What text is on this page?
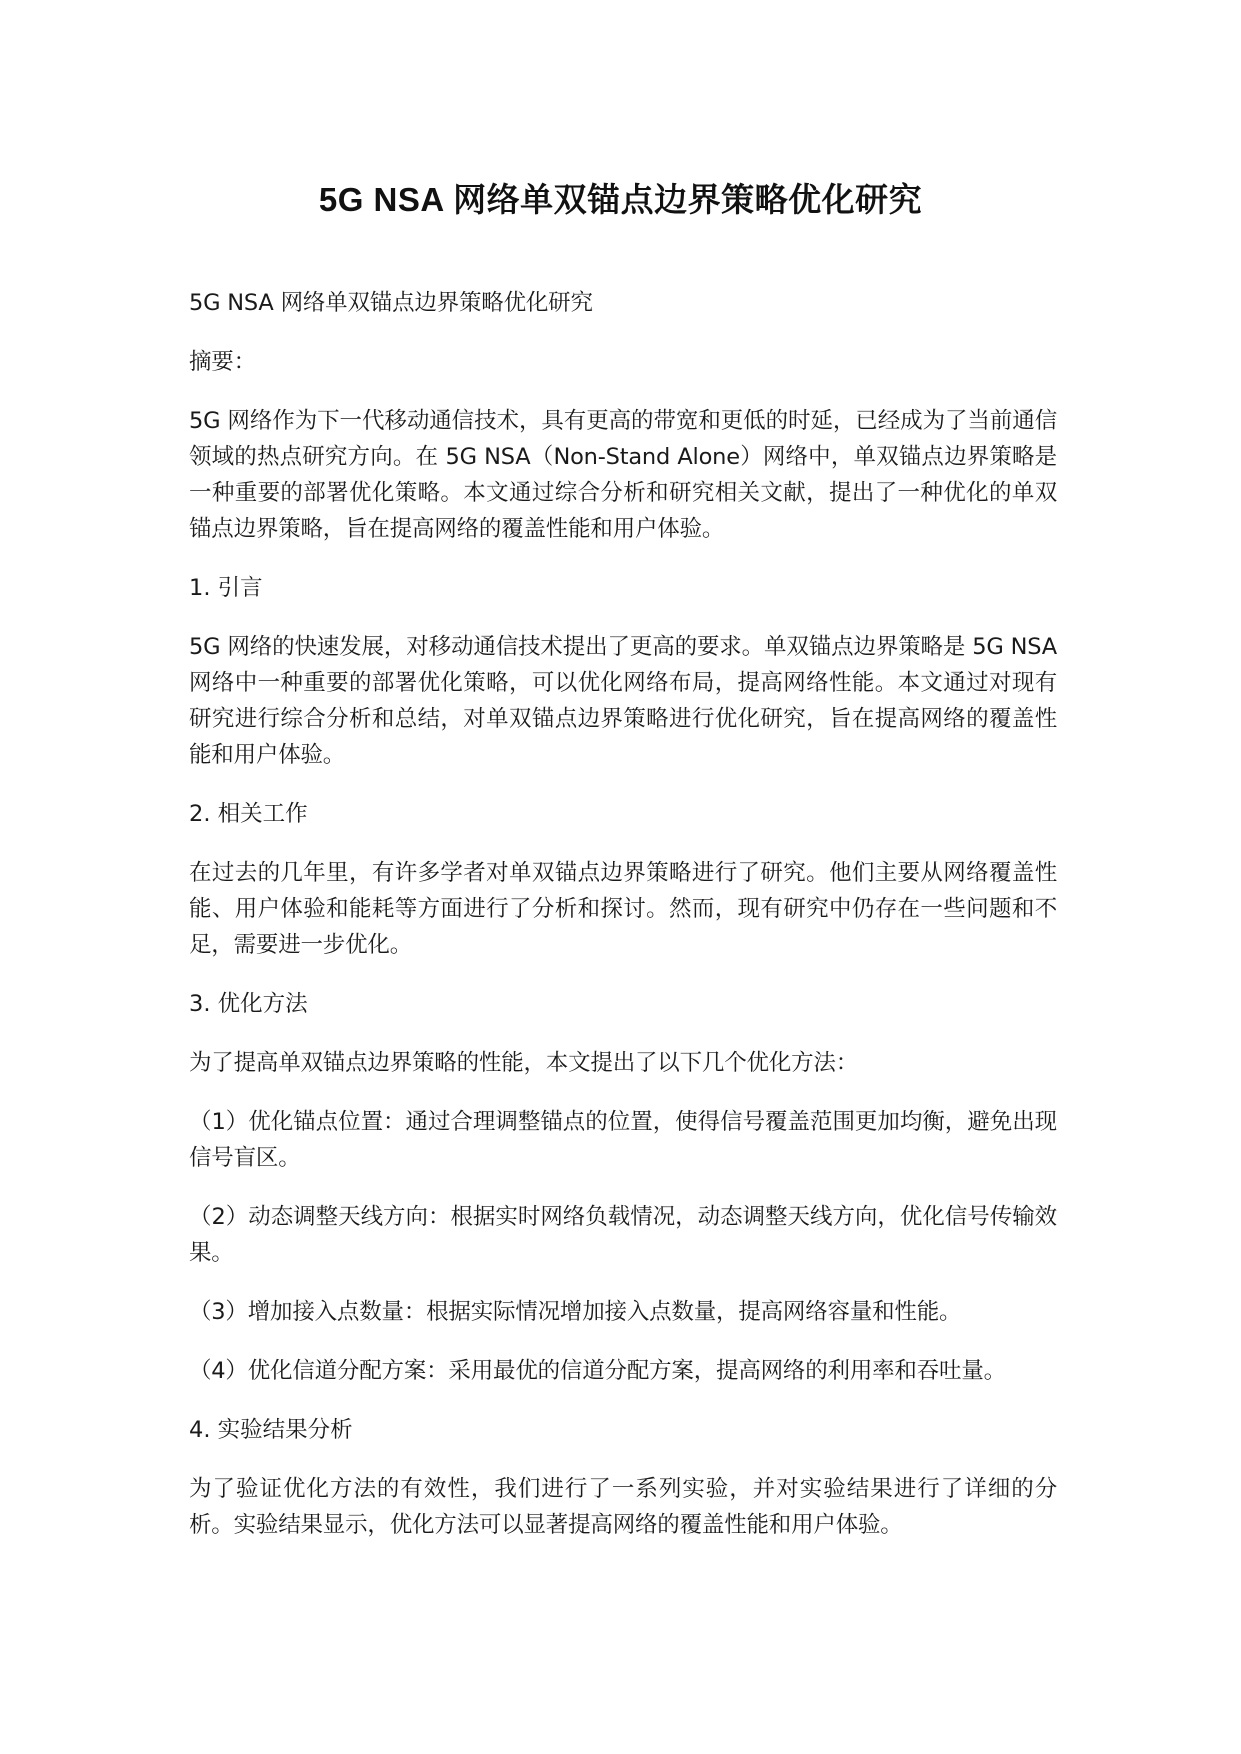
5G NSA 网络单双锚点边界策略优化研究

5G NSA 网络单双锚点边界策略优化研究

摘要：

5G 网络作为下一代移动通信技术，具有更高的带宽和更低的时延，已经成为了当前通信领域的热点研究方向。在 5G NSA（Non-Stand Alone）网络中，单双锚点边界策略是一种重要的部署优化策略。本文通过综合分析和研究相关文献，提出了一种优化的单双锚点边界策略，旨在提高网络的覆盖性能和用户体验。

1. 引言

5G 网络的快速发展，对移动通信技术提出了更高的要求。单双锚点边界策略是 5G NSA 网络中一种重要的部署优化策略，可以优化网络布局，提高网络性能。本文通过对现有研究进行综合分析和总结，对单双锚点边界策略进行优化研究，旨在提高网络的覆盖性能和用户体验。

2. 相关工作

在过去的几年里，有许多学者对单双锚点边界策略进行了研究。他们主要从网络覆盖性能、用户体验和能耗等方面进行了分析和探讨。然而，现有研究中仍存在一些问题和不足，需要进一步优化。

3. 优化方法

为了提高单双锚点边界策略的性能，本文提出了以下几个优化方法：

（1）优化锚点位置：通过合理调整锚点的位置，使得信号覆盖范围更加均衡，避免出现信号盲区。

（2）动态调整天线方向：根据实时网络负载情况，动态调整天线方向，优化信号传输效果。

（3）增加接入点数量：根据实际情况增加接入点数量，提高网络容量和性能。

（4）优化信道分配方案：采用最优的信道分配方案，提高网络的利用率和吞吐量。

4. 实验结果分析

为了验证优化方法的有效性，我们进行了一系列实验，并对实验结果进行了详细的分析。实验结果显示，优化方法可以显著提高网络的覆盖性能和用户体验。
